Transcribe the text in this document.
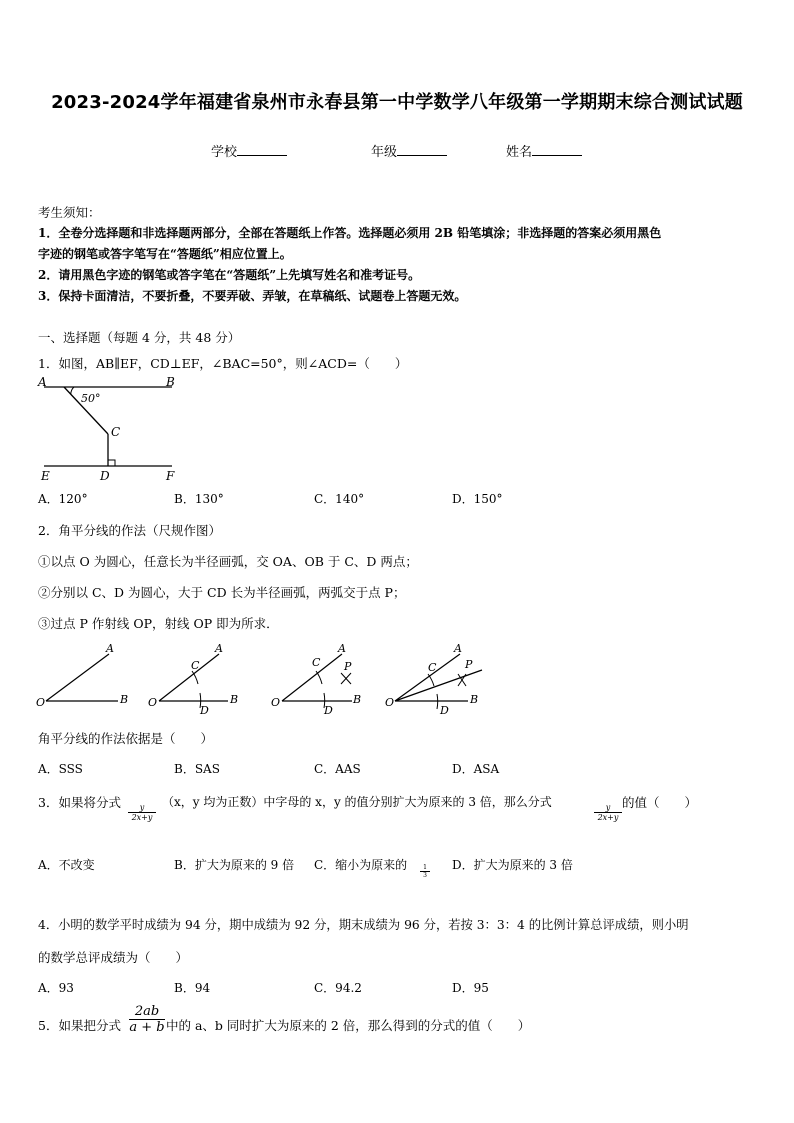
2023-2024学年福建省泉州市永春县第一中学数学八年级第一学期期末综合测试试题
学校	年级	姓名
考生须知：
1．全卷分选择题和非选择题两部分，全部在答题纸上作答。选择题必须用 2B 铅笔填涂；非选择题的答案必须用黑色
字迹的钢笔或答字笔写在“答题纸”相应位置上。
2．请用黑色字迹的钢笔或答字笔在“答题纸”上先填写姓名和准考证号。
3．保持卡面清洁，不要折叠，不要弄破、弄皱，在草稿纸、试题卷上答题无效。
一、选择题（每题 4 分，共 48 分）
1．如图，AB∥EF，CD⊥EF，∠BAC=50°，则∠ACD=（　　）
A	B
C
D
E	F
50°
A．120°	B．130°	C．140°	D．150°
2．角平分线的作法（尺规作图）
①以点 O 为圆心，任意长为半径画弧，交 OA、OB 于 C、D 两点；
②分别以 C、D 为圆心，大于 CD 长为半径画弧，两弧交于点 P；
③过点 P 作射线 OP，射线 OP 即为所求．
O	B
A
O	B
A
C
D
O	B
A
C P
D
O	B
A
C	P
D
角平分线的作法依据是（　　）
A．SSS	B．SAS	C．AAS	D．ASA
3．如果将分式
$\frac{y}{2x+y}$
（x，y 均为正数）中字母的 x，y 的值分别扩大为原来的 3 倍，那么分式
$\frac{y}{2x+y}$
的值（　　）
A．不改变	B．扩大为原来的 9 倍 C．缩小为原来的 $\frac{1}{3}$ D．扩大为原来的 3 倍
4．小明的数学平时成绩为 94 分，期中成绩为 92 分，期末成绩为 96 分，若按 3：3：4 的比例计算总评成绩，则小明
的数学总评成绩为（　　）
A．93	B．94	C．94.2	D．95
5．如果把分式 $\frac{2ab}{a + b}$ 中的 a、b 同时扩大为原来的 2 倍，那么得到的分式的值（　　）
